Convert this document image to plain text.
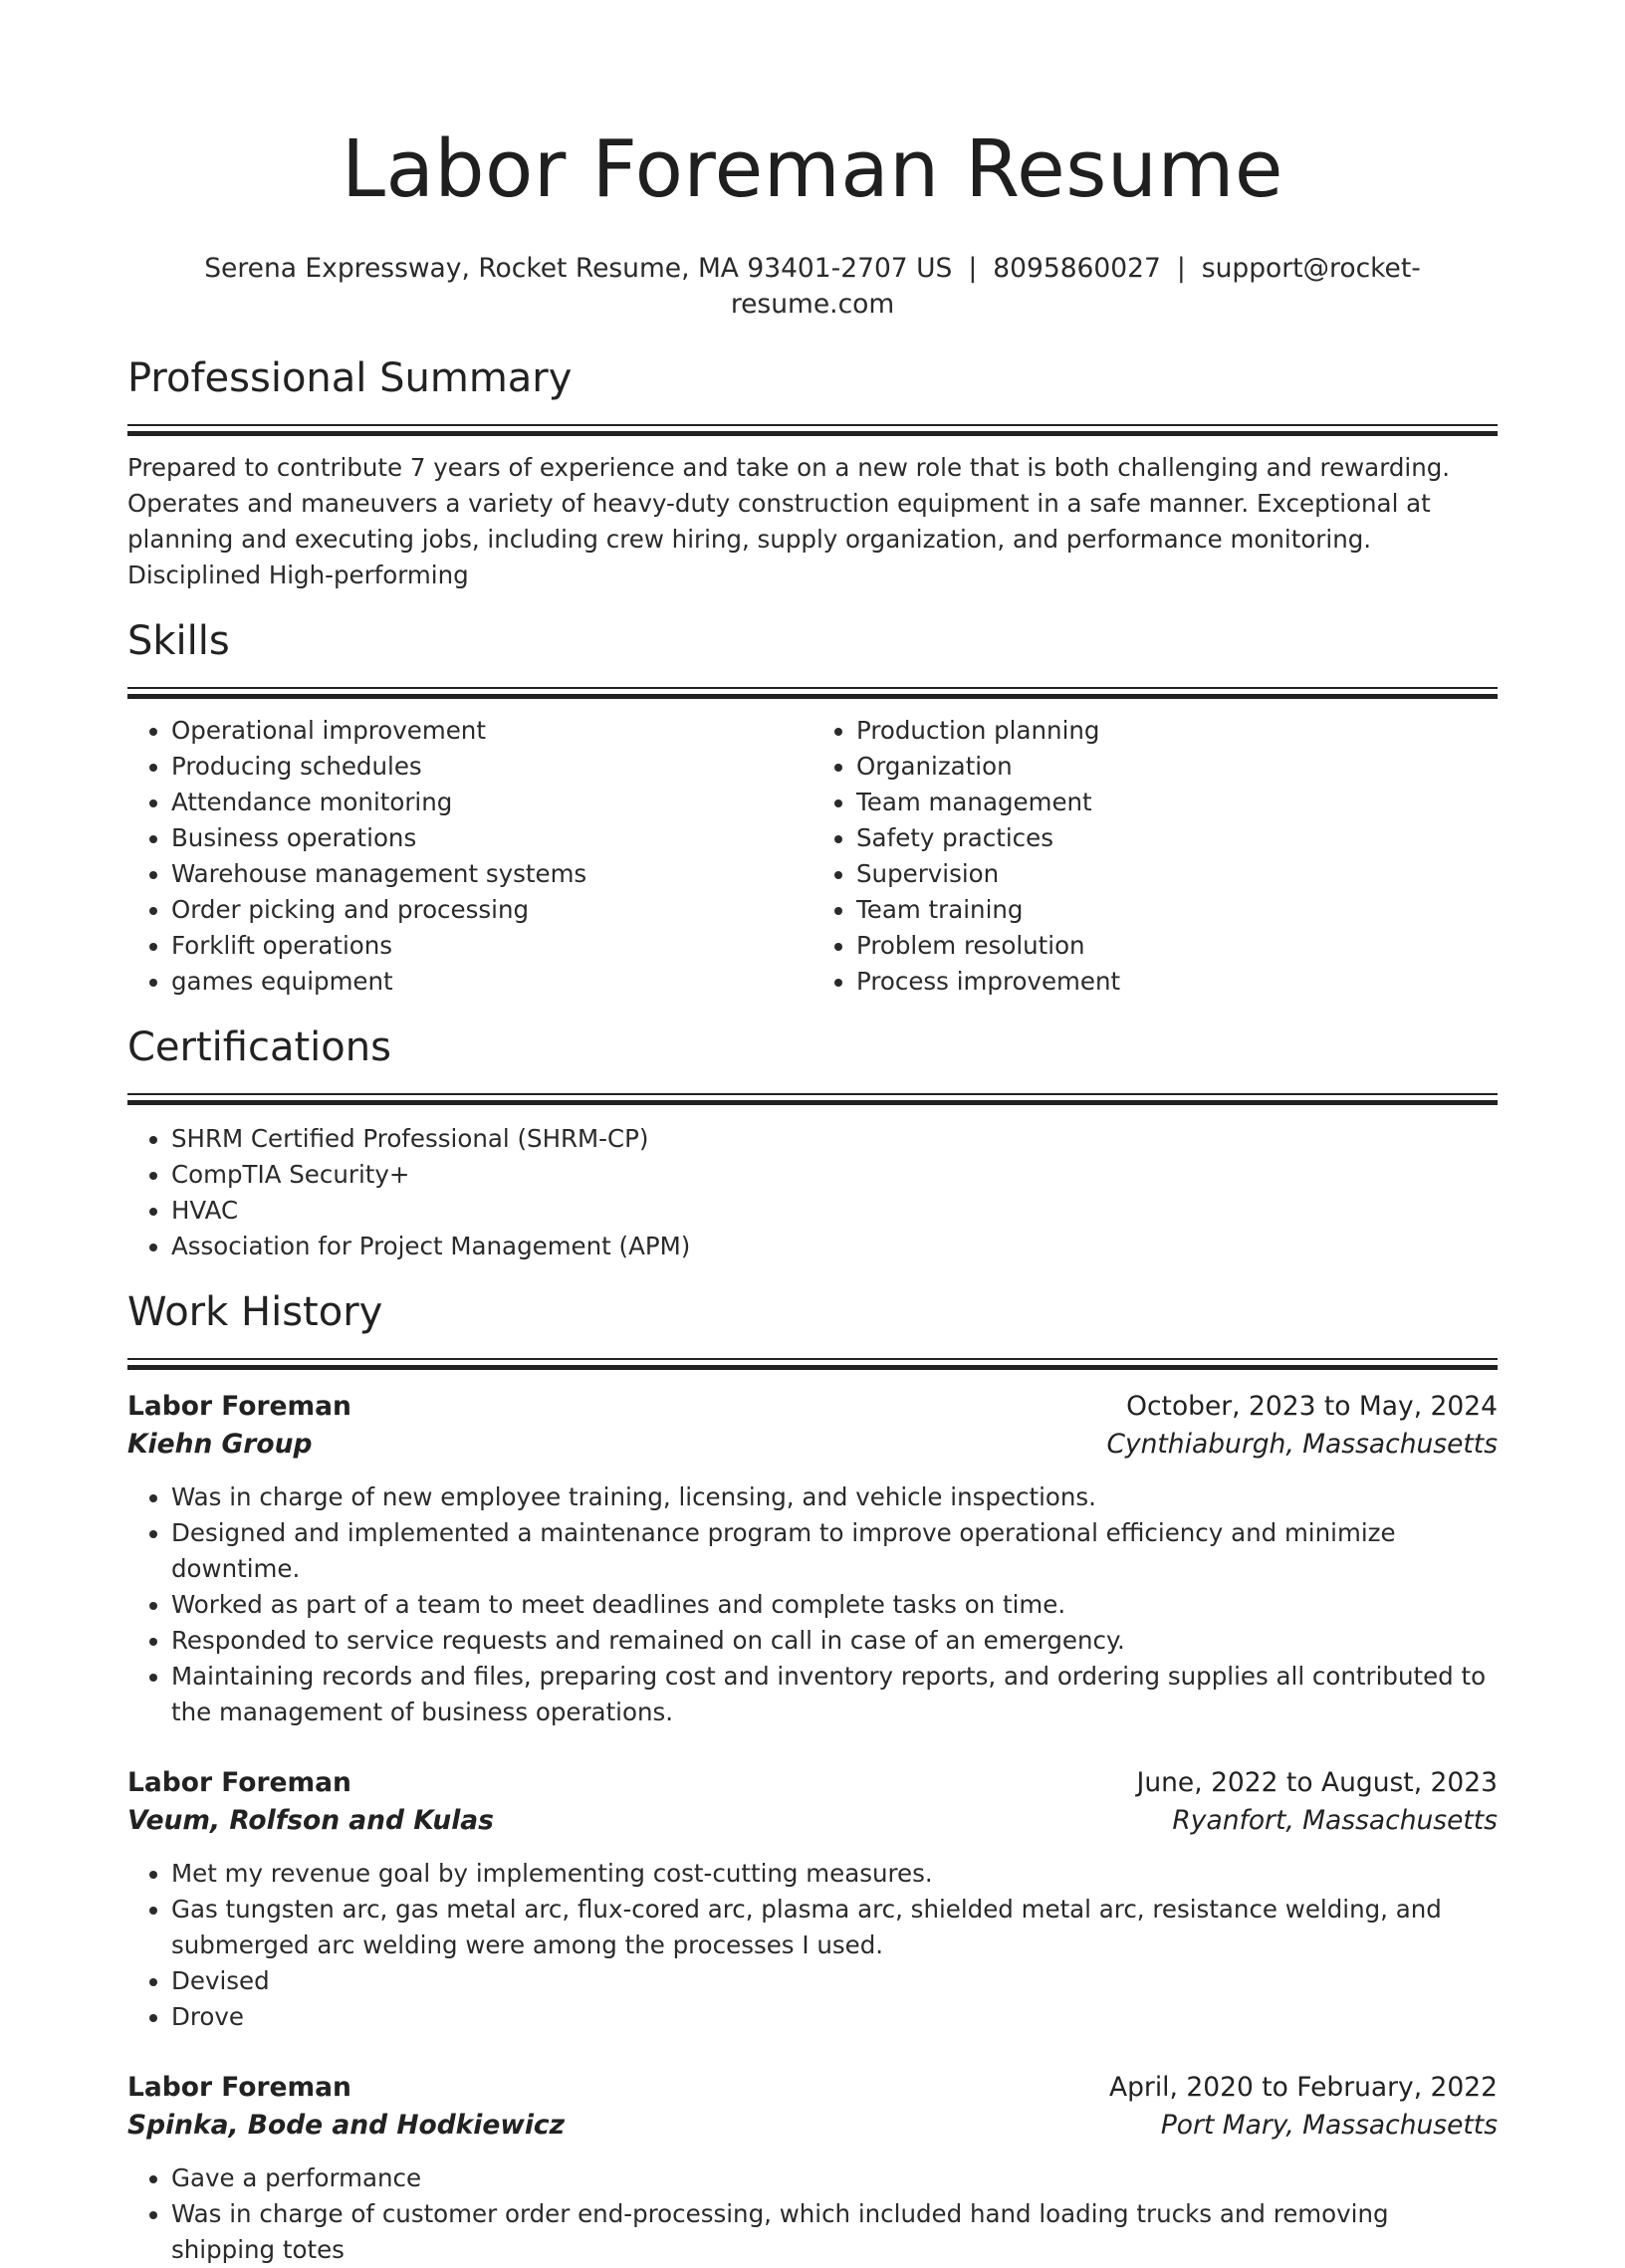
Labor Foreman Resume
Serena Expressway, Rocket Resume, MA 93401-2707 US | 8095860027 | support@rocket-resume.com
Professional Summary

Prepared to contribute 7 years of experience and take on a new role that is both challenging and rewarding. Operates and maneuvers a variety of heavy-duty construction equipment in a safe manner. Exceptional at planning and executing jobs, including crew hiring, supply organization, and performance monitoring. Disciplined High-performing

Skills
• Operational improvement
• Producing schedules
• Attendance monitoring
• Business operations
• Warehouse management systems
• Order picking and processing
• Forklift operations
• games equipment
• Production planning
• Organization
• Team management
• Safety practices
• Supervision
• Team training
• Problem resolution
• Process improvement
Certifications
• SHRM Certified Professional (SHRM-CP)
• CompTIA Security+
• HVAC
• Association for Project Management (APM)
Work History
Labor Foreman	October, 2023 to May, 2024
Kiehn Group	Cynthiaburgh, Massachusetts
• Was in charge of new employee training, licensing, and vehicle inspections.
• Designed and implemented a maintenance program to improve operational efficiency and minimize downtime.
• Worked as part of a team to meet deadlines and complete tasks on time.
• Responded to service requests and remained on call in case of an emergency.
• Maintaining records and files, preparing cost and inventory reports, and ordering supplies all contributed to the management of business operations.
Labor Foreman	June, 2022 to August, 2023
Veum, Rolfson and Kulas	Ryanfort, Massachusetts
• Met my revenue goal by implementing cost-cutting measures.
• Gas tungsten arc, gas metal arc, flux-cored arc, plasma arc, shielded metal arc, resistance welding, and submerged arc welding were among the processes I used.
• Devised
• Drove
Labor Foreman	April, 2020 to February, 2022
Spinka, Bode and Hodkiewicz	Port Mary, Massachusetts
• Gave a performance
• Was in charge of customer order end-processing, which included hand loading trucks and removing shipping totes
